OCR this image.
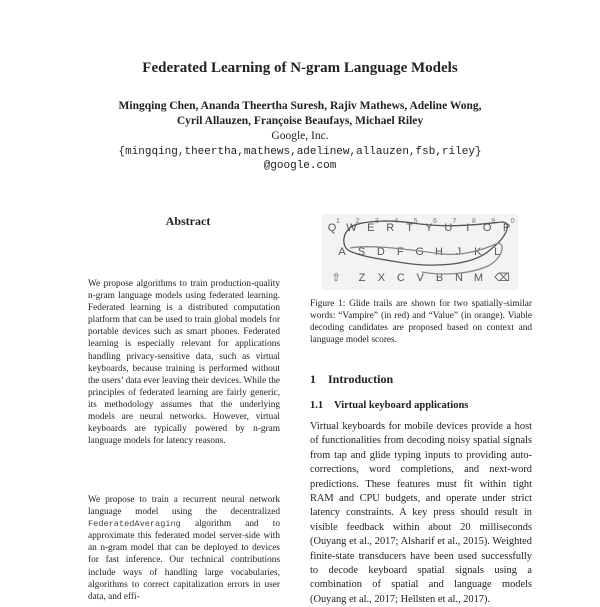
Federated Learning of N-gram Language Models
Mingqing Chen, Ananda Theertha Suresh, Rajiv Mathews, Adeline Wong,
Cyril Allauzen, Françoise Beaufays, Michael Riley
Google, Inc.
{mingqing,theertha,mathews,adelinew,allauzen,fsb,riley}
@google.com
Abstract
We propose algorithms to train production-quality n-gram language models using federated learning. Federated learning is a distributed computation platform that can be used to train global models for portable devices such as smart phones. Federated learning is especially relevant for applications handling privacy-sensitive data, such as virtual keyboards, because training is performed without the users’ data ever leaving their devices. While the principles of federated learning are fairly generic, its methodology assumes that the underlying models are neural networks. However, virtual keyboards are typically powered by n-gram language models for latency reasons.
We propose to train a recurrent neural network language model using the decentralized FederatedAveraging algorithm and to approximate this federated model server-side with an n-gram model that can be deployed to devices for fast inference. Our technical contributions include ways of handling large vocabularies, algorithms to correct capitalization errors in user data, and effi-
Q
1
W
2
E
3
R
4
T
5
Y
6
U
7
I
8
O
9
P
0
A S D F G H J K L
⇧ Z X C V B N M ⌫
Figure 1: Glide trails are shown for two spatially-similar words: “Vampire” (in red) and “Value” (in orange). Viable decoding candidates are proposed based on context and language model scores.
1 Introduction
1.1 Virtual keyboard applications
Virtual keyboards for mobile devices provide a host of functionalities from decoding noisy spatial signals from tap and glide typing inputs to providing auto-corrections, word completions, and next-word predictions. These features must fit within tight RAM and CPU budgets, and operate under strict latency constraints. A key press should result in visible feedback within about 20 milliseconds (Ouyang et al., 2017; Alsharif et al., 2015). Weighted finite-state transducers have been used successfully to decode keyboard spatial signals using a combination of spatial and language models (Ouyang et al., 2017; Hellsten et al., 2017).
